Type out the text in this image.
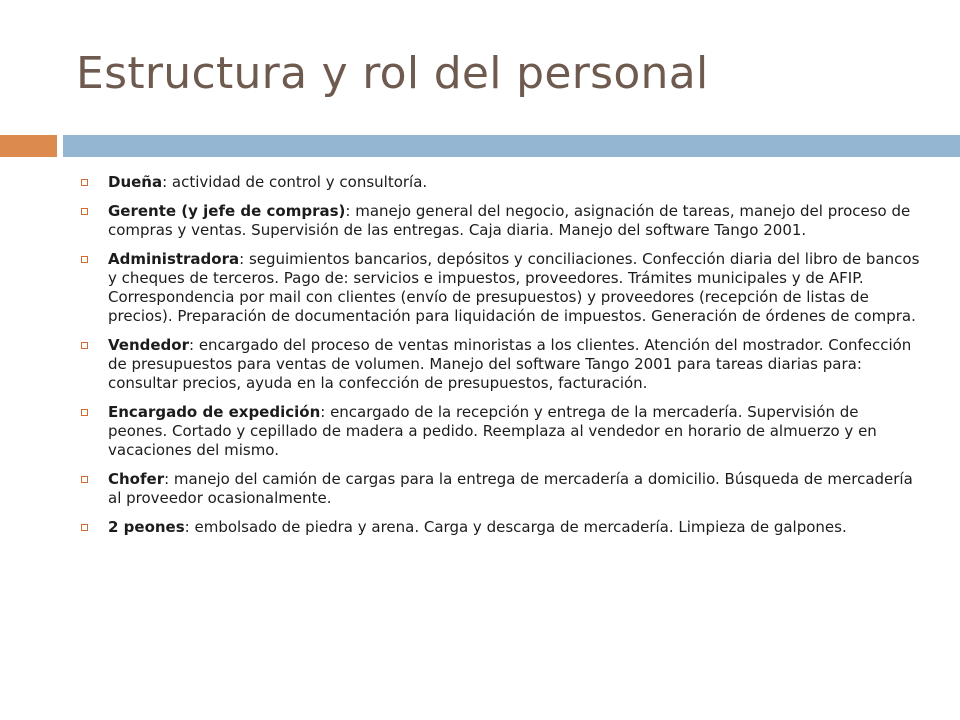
Estructura y rol del personal
Dueña: actividad de control y consultoría.
Gerente (y jefe de compras): manejo general del negocio, asignación de tareas, manejo del proceso de compras y ventas. Supervisión de las entregas. Caja diaria. Manejo del software Tango 2001.
Administradora: seguimientos bancarios, depósitos y conciliaciones. Confección diaria del libro de bancos y cheques de terceros. Pago de: servicios e impuestos, proveedores. Trámites municipales y de AFIP. Correspondencia por mail con clientes (envío de presupuestos) y proveedores (recepción de listas de precios). Preparación de documentación para liquidación de impuestos. Generación de órdenes de compra.
Vendedor: encargado del proceso de ventas minoristas a los clientes. Atención del mostrador. Confección de presupuestos para ventas de volumen. Manejo del software Tango 2001 para tareas diarias para: consultar precios, ayuda en la confección de presupuestos, facturación.
Encargado de expedición: encargado de la recepción y entrega de la mercadería. Supervisión de peones. Cortado y cepillado de madera a pedido. Reemplaza al vendedor en horario de almuerzo y en vacaciones del mismo.
Chofer: manejo del camión de cargas para la entrega de mercadería a domicilio. Búsqueda de mercadería al proveedor ocasionalmente.
2 peones: embolsado de piedra y arena. Carga y descarga de mercadería. Limpieza de galpones.
